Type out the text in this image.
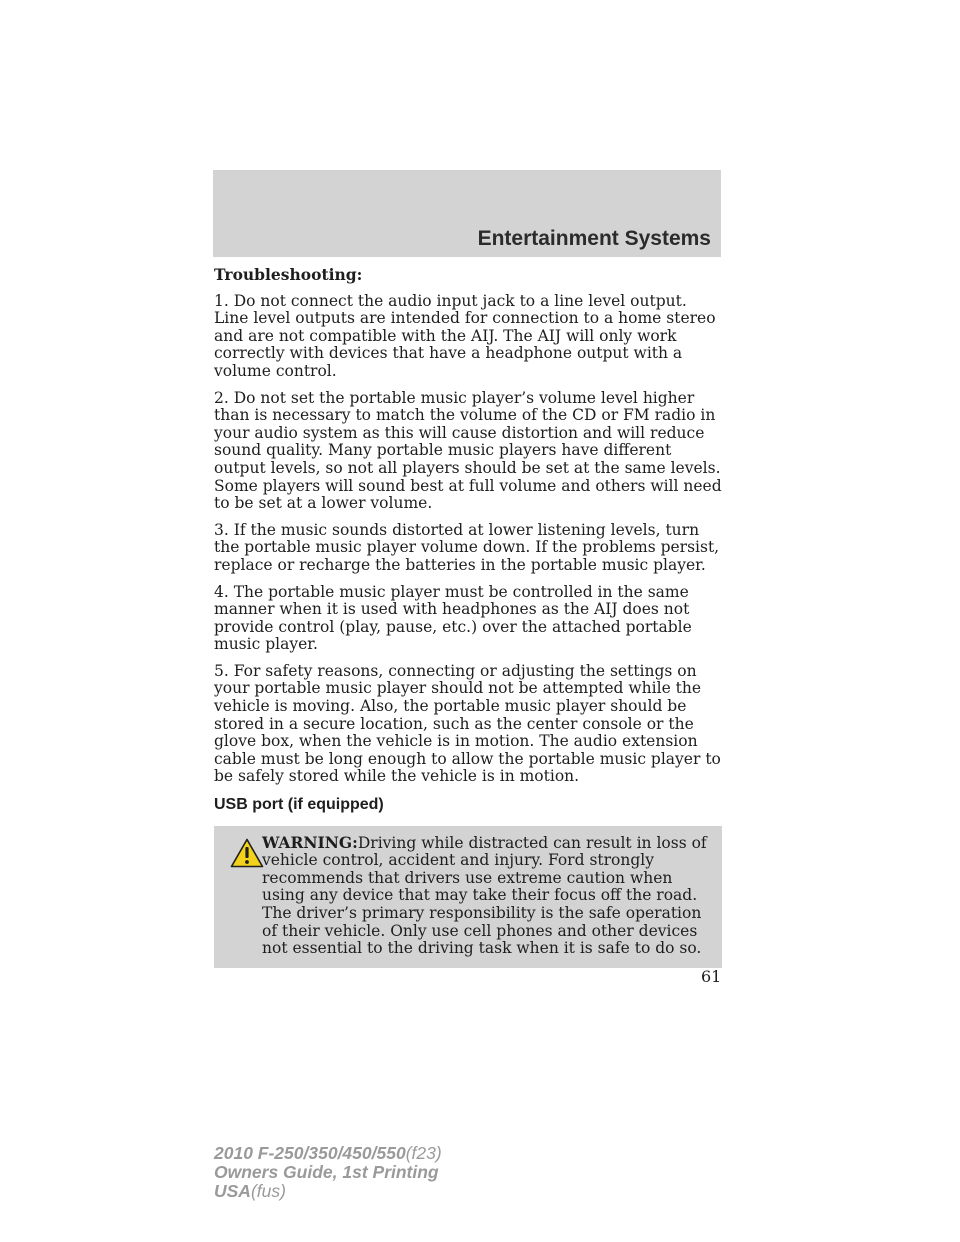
Entertainment Systems
Troubleshooting:

1. Do not connect the audio input jack to a line level output. Line level outputs are intended for connection to a home stereo and are not compatible with the AIJ. The AIJ will only work correctly with devices that have a headphone output with a volume control.

2. Do not set the portable music player’s volume level higher than is necessary to match the volume of the CD or FM radio in your audio system as this will cause distortion and will reduce sound quality. Many portable music players have different output levels, so not all players should be set at the same levels. Some players will sound best at full volume and others will need to be set at a lower volume.

3. If the music sounds distorted at lower listening levels, turn the portable music player volume down. If the problems persist, replace or recharge the batteries in the portable music player.

4. The portable music player must be controlled in the same manner when it is used with headphones as the AIJ does not provide control (play, pause, etc.) over the attached portable music player.

5. For safety reasons, connecting or adjusting the settings on your portable music player should not be attempted while the vehicle is moving. Also, the portable music player should be stored in a secure location, such as the center console or the glove box, when the vehicle is in motion. The audio extension cable must be long enough to allow the portable music player to be safely stored while the vehicle is in motion.

USB port (if equipped)
WARNING:Driving while distracted can result in loss of vehicle control, accident and injury. Ford strongly recommends that drivers use extreme caution when using any device that may take their focus off the road. The driver’s primary responsibility is the safe operation of their vehicle. Only use cell phones and other devices not essential to the driving task when it is safe to do so.
61
2010 F-250/350/450/550(f23)
Owners Guide, 1st Printing
USA(fus)
